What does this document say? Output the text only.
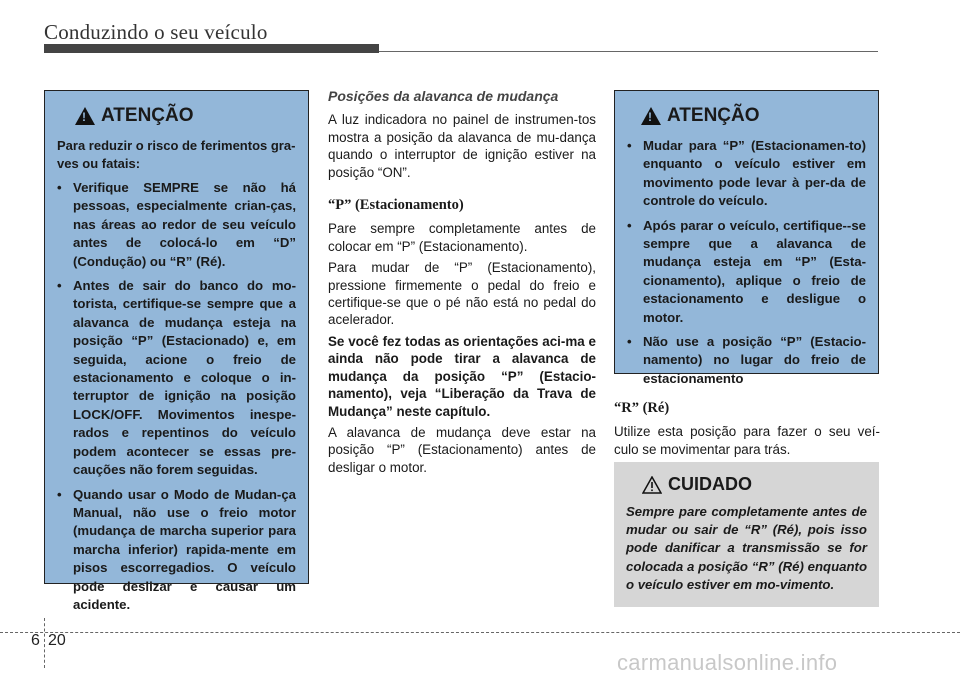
Conduzindo o seu veículo
!
ATENÇÃO
Para reduzir o risco de ferimentos gra-ves ou fatais:
• Verifique SEMPRE se não há pessoas, especialmente crian-ças, nas áreas ao redor de seu veículo antes de colocá-lo em “D” (Condução) ou “R” (Ré).
• Antes de sair do banco do mo-torista, certifique-se sempre que a alavanca de mudança esteja na posição “P” (Estacionado) e, em seguida, acione o freio de estacionamento e coloque o in-terruptor de ignição na posição LOCK/OFF. Movimentos inespe-rados e repentinos do veículo podem acontecer se essas pre-cauções não forem seguidas.
• Quando usar o Modo de Mudan-ça Manual, não use o freio motor (mudança de marcha superior para marcha inferior) rapida-mente em pisos escorregadios. O veículo pode deslizar e causar um acidente.
Posições da alavanca de mudança

A luz indicadora no painel de instrumen-tos mostra a posição da alavanca de mu-dança quando o interruptor de ignição estiver na posição “ON”.

“P” (Estacionamento)

Pare sempre completamente antes de colocar em “P” (Estacionamento).

Para mudar de “P” (Estacionamento), pressione firmemente o pedal do freio e certifique-se que o pé não está no pedal do acelerador.

Se você fez todas as orientações aci-ma e ainda não pode tirar a alavanca de mudança da posição “P” (Estacio-namento), veja “Liberação da Trava de Mudança” neste capítulo.

A alavanca de mudança deve estar na posição “P” (Estacionamento) antes de desligar o motor.

!
ATENÇÃO
• Mudar para “P” (Estacionamen-to) enquanto o veículo estiver em movimento pode levar à per-da de controle do veículo.
• Após parar o veículo, certifique--se sempre que a alavanca de mudança esteja em “P” (Esta-cionamento), aplique o freio de estacionamento e desligue o motor.
• Não use a posição “P” (Estacio-namento) no lugar do freio de estacionamento
“R” (Ré)

Utilize esta posição para fazer o seu veí-culo se movimentar para trás.

CUIDADO
Sempre pare completamente antes de mudar ou sair de “R” (Ré), pois isso pode danificar a transmissão se for colocada a posição “R” (Ré) enquanto o veículo estiver em mo-vimento.
6 20
carmanualsonline.info
